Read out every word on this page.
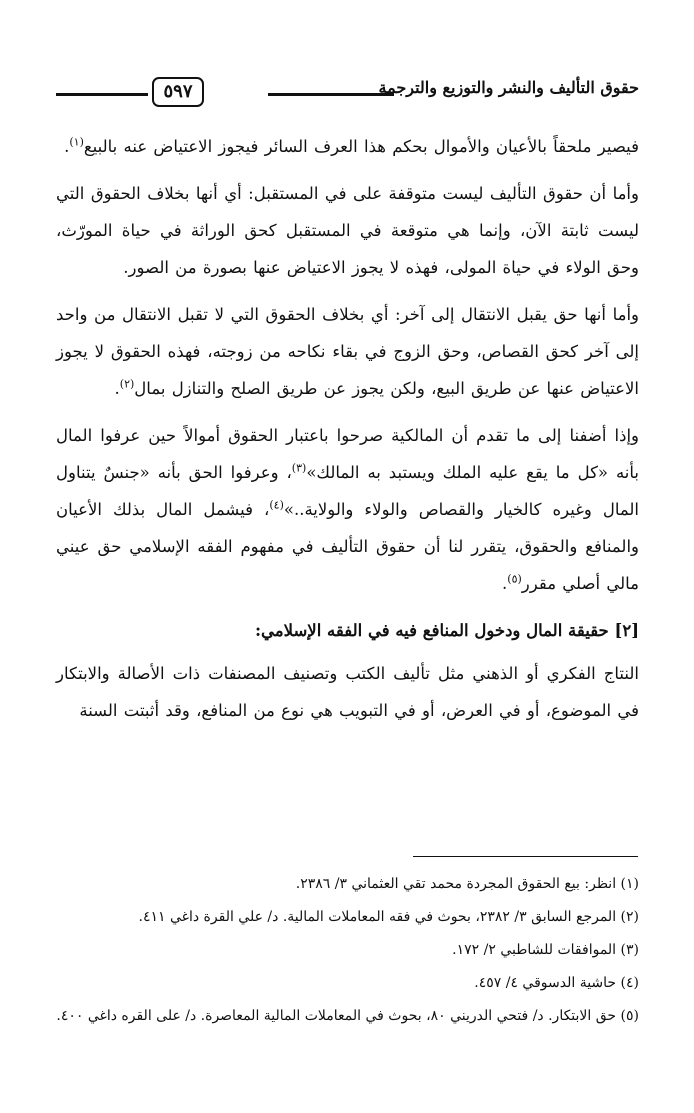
حقوق التأليف والنشر والتوزيع والترجمة
٥٩٧

فيصير ملحقاً بالأعيان والأموال بحكم هذا العرف السائر فيجوز الاعتياض عنه بالبيع$^{(١)}$.

وأما أن حقوق التأليف ليست متوقفة على في المستقبل: أي أنها بخلاف الحقوق التي ليست ثابتة الآن، وإنما هي متوقعة في المستقبل كحق الوراثة في حياة المورّث، وحق الولاء في حياة المولى، فهذه لا يجوز الاعتياض عنها بصورة من الصور.

وأما أنها حق يقبل الانتقال إلى آخر: أي بخلاف الحقوق التي لا تقبل الانتقال من واحد إلى آخر كحق القصاص، وحق الزوج في بقاء نكاحه من زوجته، فهذه الحقوق لا يجوز الاعتياض عنها عن طريق البيع، ولكن يجوز عن طريق الصلح والتنازل بمال$^{(٢)}$.

وإذا أضفنا إلى ما تقدم أن المالكية صرحوا باعتبار الحقوق أموالاً حين عرفوا المال بأنه «كل ما يقع عليه الملك ويستبد به المالك»$^{(٣)}$، وعرفوا الحق بأنه «جنسٌ يتناول المال وغيره كالخيار والقصاص والولاء والولاية..»$^{(٤)}$، فيشمل المال بذلك الأعيان والمنافع والحقوق، يتقرر لنا أن حقوق التأليف في مفهوم الفقه الإسلامي حق عيني مالي أصلي مقرر$^{(٥)}$.

[٢] حقيقة المال ودخول المنافع فيه في الفقه الإسلامي:

النتاج الفكري أو الذهني مثل تأليف الكتب وتصنيف المصنفات ذات الأصالة والابتكار في الموضوع، أو في العرض، أو في التبويب هي نوع من المنافع، وقد أثبتت السنة

(١) انظر: بيع الحقوق المجردة محمد تقي العثماني ٣/ ٢٣٨٦.
(٢) المرجع السابق ٣/ ٢٣٨٢، بحوث في فقه المعاملات المالية. د/ علي القرة داغي ٤١١.
(٣) الموافقات للشاطبي ٢/ ١٧٢.
(٤) حاشية الدسوقي ٤/ ٤٥٧.
(٥) حق الابتكار. د/ فتحي الدريني ٨٠، بحوث في المعاملات المالية المعاصرة. د/ على القره داغي ٤٠٠.
